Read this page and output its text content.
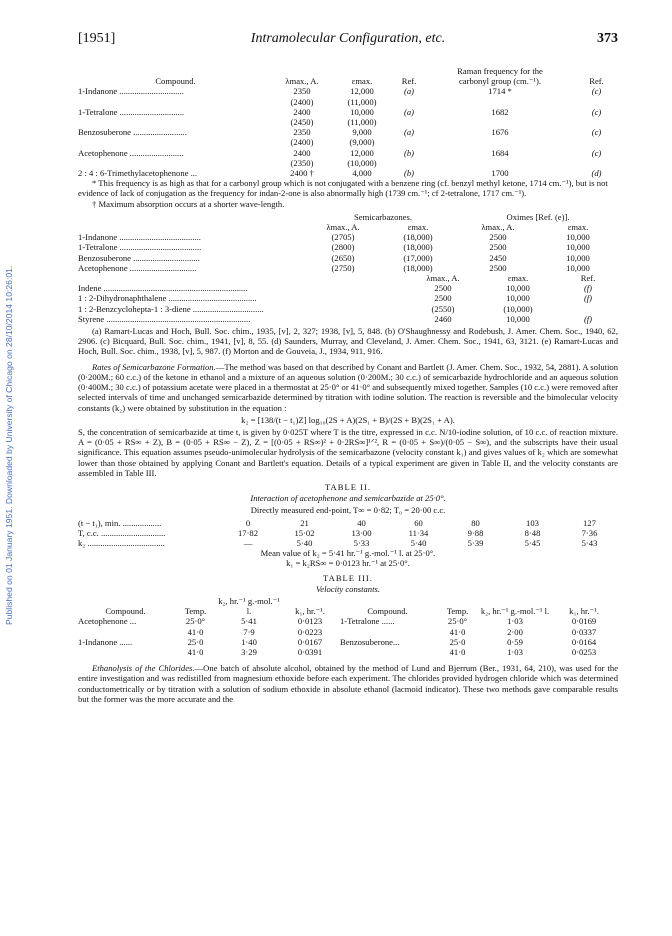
Published on 01 January 1951. Downloaded by University of Chicago on 28/10/2014 10:26:01.
[1951]	Intramolecular Configuration, etc.	373
				Raman frequency for the	
Compound.	λmax., A.	εmax.	Ref.	carbonyl group (cm.⁻¹).	Ref.
1-Indanone ..............................	2350	12,000	(a)	1714 *	(c)
	(2400)	(11,000)			
1-Tetralone ..............................	2400	10,000	(a)	1682	(c)
	(2450)	(11,000)			
Benzosuberone .........................	2350	9,000	(a)	1676	(c)
	(2400)	(9,000)			
Acetophenone .........................	2400	12,000	(b)	1684	(c)
	(2350)	(10,000)			
2 : 4 : 6-Trimethylacetophenone ...	2400 †	4,000	(b)	1700	(d)

* This frequency is as high as that for a carbonyl group which is not conjugated with a benzene ring (cf. benzyl methyl ketone, 1714 cm.⁻¹), but is not evidence of lack of conjugation as the frequency for indan-2-one is also abnormally high (1739 cm.⁻¹; cf 2-tetralone, 1717 cm.⁻¹).

† Maximum absorption occurs at a shorter wave-length.

	Semicarbazones.		Oximes [Ref. (e)].	
	λmax., A.	εmax.	λmax., A.	εmax.
1-Indanone ......................................	(2705)	(18,000)	2500	10,000
1-Tetralone ......................................	(2800)	(18,000)	2500	10,000
Benzosuberone ...............................	(2650)	(17,000)	2450	10,000
Acetophenone ...............................	(2750)	(18,000)	2500	10,000
	λmax., A.	εmax.	Ref.
Indene ...................................................................	2500	10,000	(f)
1 : 2-Dihydronaphthalene .........................................	2500	10,000	(f)
1 : 2-Benzcyclohepta-1 : 3-diene .................................	(2550)	(10,000)	
Styrene ...................................................................	2460	10,000	(f)

(a) Ramart-Lucas and Hoch, Bull. Soc. chim., 1935, [v], 2, 327; 1938, [v], 5, 848. (b) O'Shaughnessy and Rodebush, J. Amer. Chem. Soc., 1940, 62, 2906. (c) Bicquard, Bull. Soc. chim., 1941, [v], 8, 55. (d) Saunders, Murray, and Cleveland, J. Amer. Chem. Soc., 1941, 63, 3121. (e) Ramart-Lucas and Hoch, Bull. Soc. chim., 1938, [v], 5, 987. (f) Morton and de Gouveia, J., 1934, 911, 916.

Rates of Semicarbazone Formation.—The method was based on that described by Conant and Bartlett (J. Amer. Chem. Soc., 1932, 54, 2881). A solution (0·200M.; 60 c.c.) of the ketone in ethanol and a mixture of an aqueous solution (0·200M.; 30 c.c.) of semicarbazide hydrochloride and an aqueous solution (0·400M.; 30 c.c.) of potassium acetate were placed in a thermostat at 25·0° or 41·0° and subsequently mixed together. Samples (10 c.c.) were removed after selected intervals of time and unchanged semicarbazide determined by titration with iodine solution. The reaction is reversible and the bimolecular velocity constants (k₂) were obtained by substitution in the equation :

k₂ = [138/(t − t₁)Z] log₁₀(2S + A)(2S₁ + B)/(2S + B)(2S₁ + A).

S, the concentration of semicarbazide at time t, is given by 0·025T where T is the titre, expressed in c.c. N/10-iodine solution, of 10 c.c. of reaction mixture. A = (0·05 + RS∞ + Z), B = (0·05 + RS∞ − Z), Z = [(0·05 + RS∞)² + 0·2RS∞]¹ᐟ², R = (0·05 + S∞)/(0·05 − S∞), and the subscripts have their usual significance. This equation assumes pseudo-unimolecular hydrolysis of the semicarbazone (velocity constant k₁) and gives values of k₂ which are somewhat lower than those obtained by applying Conant and Bartlett's equation. Details of a typical experiment are given in Table II, and the velocity constants are assembled in Table III.

TABLE II.
Interaction of acetophenone and semicarbazide at 25·0°.
Directly measured end-point, T∞ = 0·82; T₀ = 20·00 c.c.
(t − t₁), min. ..................	0	21	40	60	80	103	127
T, c.c. ..............................	17·82	15·02	13·00	11·34	9·88	8·48	7·36
k₂ ....................................	—	5·40	5·33	5·40	5·39	5·45	5·43
Mean value of k₂ = 5·41 hr.⁻¹ g.-mol.⁻¹ l. at 25·0°.
k₁ = k₂RS∞ = 0·0123 hr.⁻¹ at 25·0°.
TABLE III.
Velocity constants.
Compound.	Temp.	k₂, hr.⁻¹ g.-mol.⁻¹ l.	k₁, hr.⁻¹.	Compound.	Temp.	k₂, hr.⁻¹ g.-mol.⁻¹ l.	k₁, hr.⁻¹.
Acetophenone ...	25·0°	5·41	0·0123	1-Tetralone ......	25·0°	1·03	0·0169
	41·0	7·9	0·0223		41·0	2·00	0·0337
1-Indanone ......	25·0	1·40	0·0167	Benzosuberone...	25·0	0·59	0·0164
	41·0	3·29	0·0391		41·0	1·03	0·0253

Ethanolysis of the Chlorides.—One batch of absolute alcohol, obtained by the method of Lund and Bjerrum (Ber., 1931, 64, 210), was used for the entire investigation and was redistilled from magnesium ethoxide before each experiment. The chlorides provided hydrogen chloride which was determined conductometrically or by titration with a solution of sodium ethoxide in absolute ethanol (lacmoid indicator). These two methods gave comparable results but the former was the more accurate and the
